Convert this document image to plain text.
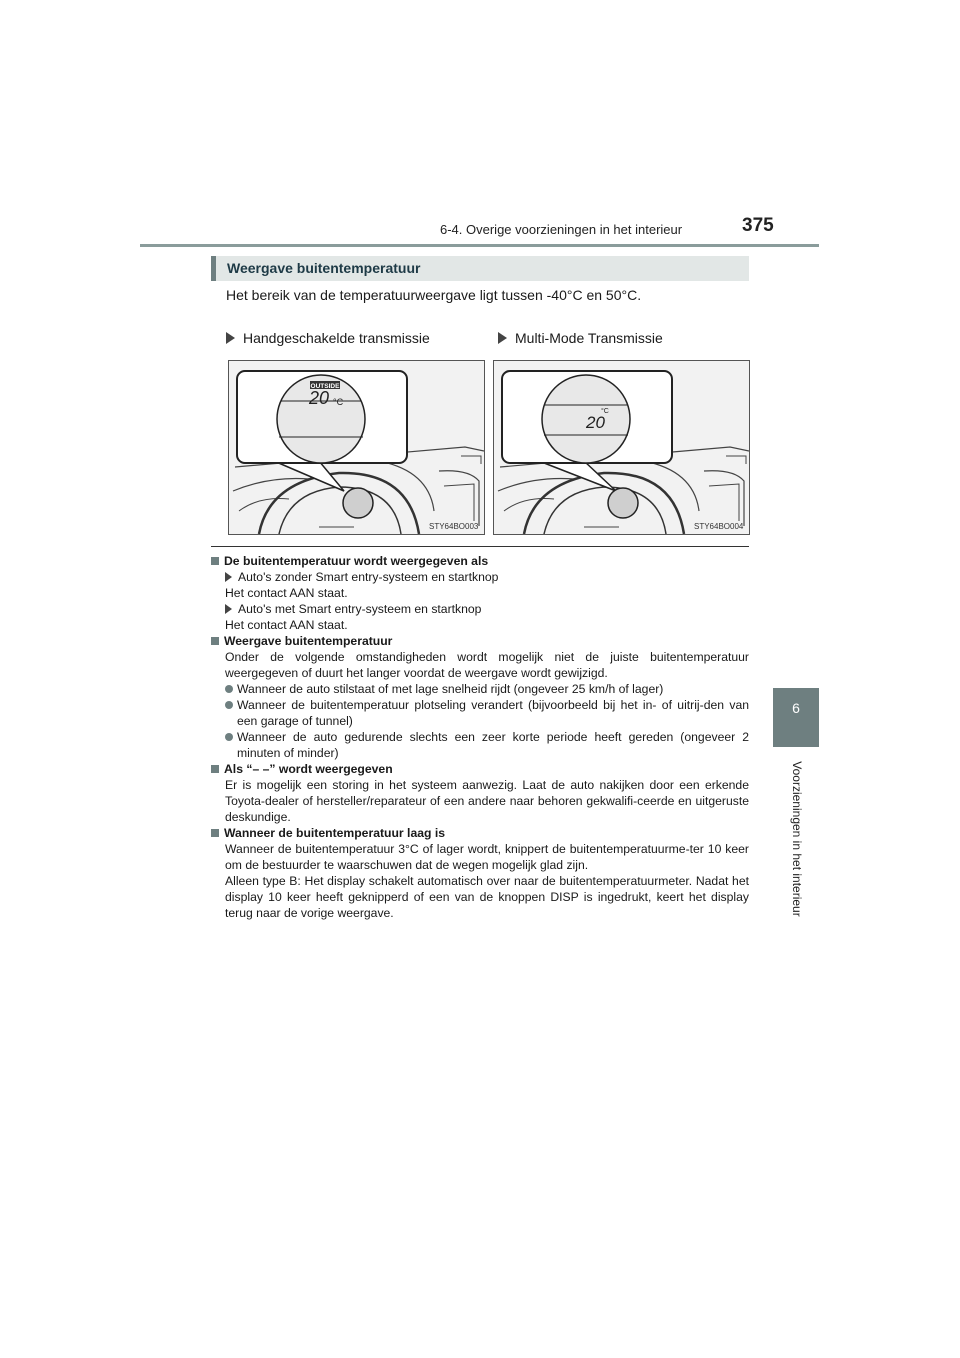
6-4. Overige voorzieningen in het interieur	375
6
Voorzieningen in het interieur
Weergave buitentemperatuur
Het bereik van de temperatuurweergave ligt tussen -40°C en 50°C.
Handgeschakelde transmissie	Multi-Mode Transmissie
STY64BO003
OUTSIDE
20 °C
STY64BO004
°C
20

De buitentemperatuur wordt weergegeven als

Auto's zonder Smart entry-systeem en startknop

Het contact AAN staat.

Auto's met Smart entry-systeem en startknop

Het contact AAN staat.

Weergave buitentemperatuur

Onder de volgende omstandigheden wordt mogelijk niet de juiste buitentemperatuur weergegeven of duurt het langer voordat de weergave wordt gewijzigd.

Wanneer de auto stilstaat of met lage snelheid rijdt (ongeveer 25 km/h of lager)

Wanneer de buitentemperatuur plotseling verandert (bijvoorbeeld bij het in- of uitrij-den van een garage of tunnel)

Wanneer de auto gedurende slechts een zeer korte periode heeft gereden (ongeveer 2 minuten of minder)

Als “– –” wordt weergegeven

Er is mogelijk een storing in het systeem aanwezig. Laat de auto nakijken door een erkende Toyota-dealer of hersteller/reparateur of een andere naar behoren gekwalifi-ceerde en uitgeruste deskundige.

Wanneer de buitentemperatuur laag is

Wanneer de buitentemperatuur 3°C of lager wordt, knippert de buitentemperatuurme-ter 10 keer om de bestuurder te waarschuwen dat de wegen mogelijk glad zijn.

Alleen type B: Het display schakelt automatisch over naar de buitentemperatuurmeter. Nadat het display 10 keer heeft geknipperd of een van de knoppen DISP is ingedrukt, keert het display terug naar de vorige weergave.
